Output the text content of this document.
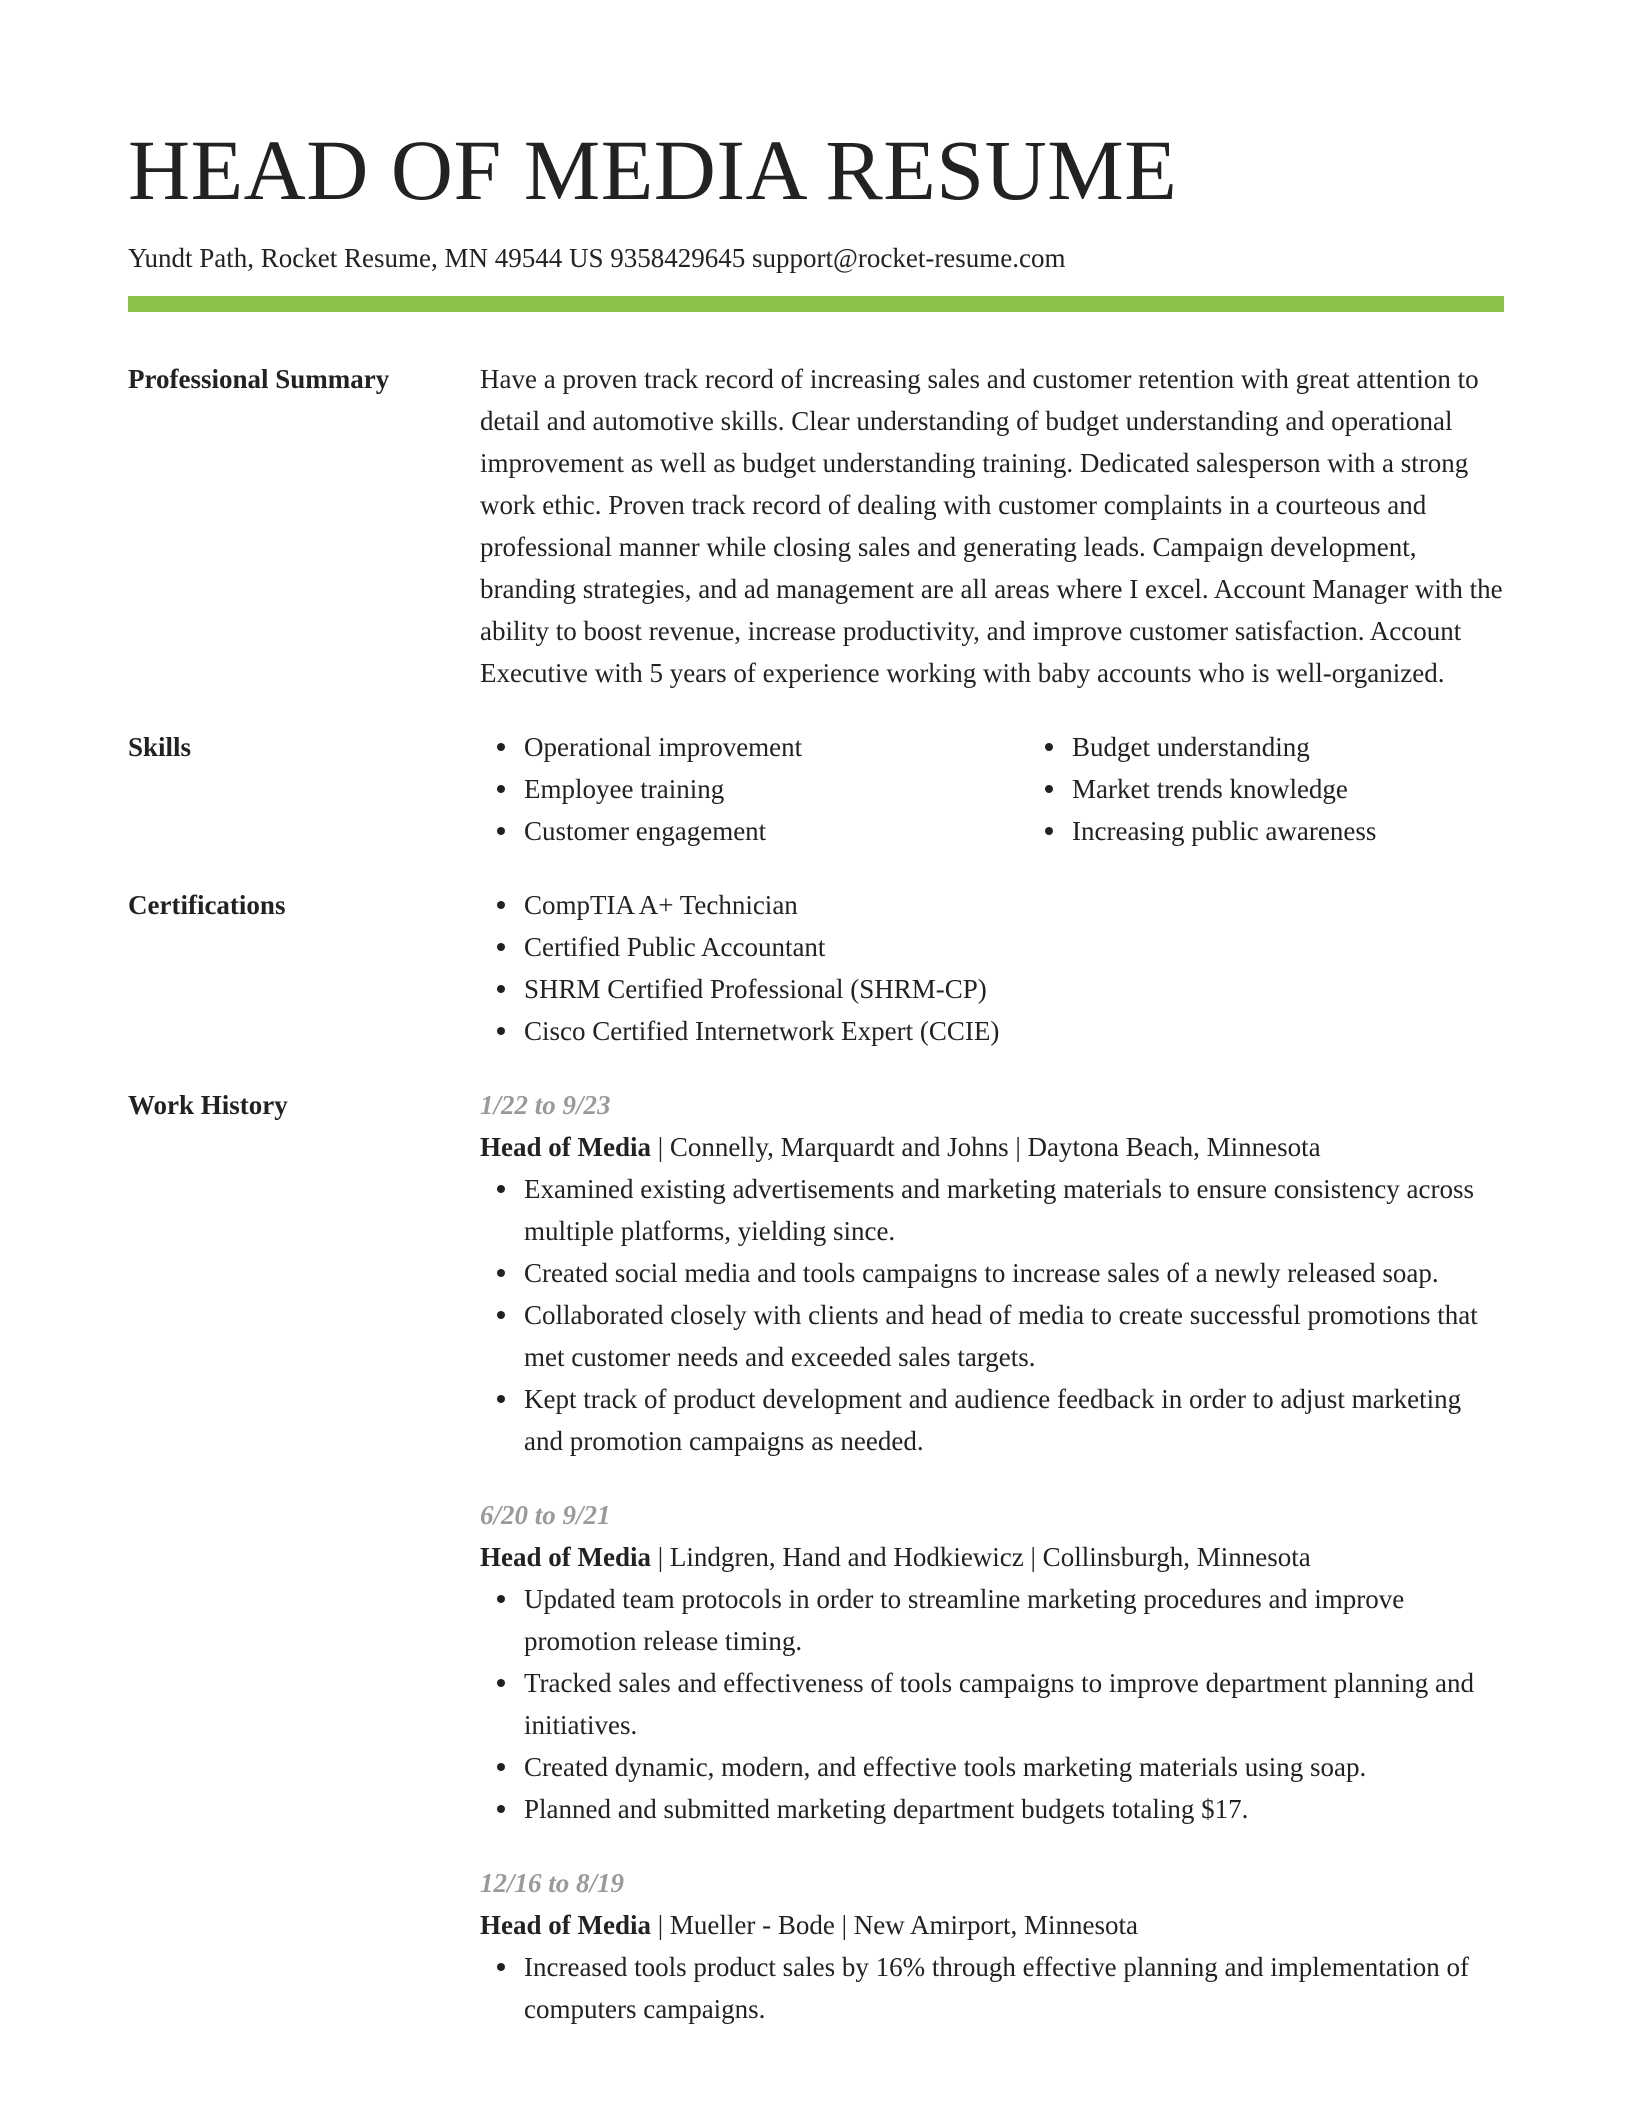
HEAD OF MEDIA RESUME
Yundt Path, Rocket Resume, MN 49544 US 9358429645 support@rocket-resume.com
Professional Summary	Have a proven track record of increasing sales and customer retention with great attention to detail and automotive skills. Clear understanding of budget understanding and operational improvement as well as budget understanding training. Dedicated salesperson with a strong work ethic. Proven track record of dealing with customer complaints in a courteous and professional manner while closing sales and generating leads. Campaign development, branding strategies, and ad management are all areas where I excel. Account Manager with the ability to boost revenue, increase productivity, and improve customer satisfaction. Account Executive with 5 years of experience working with baby accounts who is well-organized.

Skills	Operational improvement
Employee training
Customer engagement
Budget understanding
Market trends knowledge
Increasing public awareness
Certifications	CompTIA A+ Technician
Certified Public Accountant
SHRM Certified Professional (SHRM-CP)
Cisco Certified Internetwork Expert (CCIE)
Work History	1/22 to 9/23
Head of Media | Connelly, Marquardt and Johns | Daytona Beach, Minnesota
Examined existing advertisements and marketing materials to ensure consistency across multiple platforms, yielding since.
Created social media and tools campaigns to increase sales of a newly released soap.
Collaborated closely with clients and head of media to create successful promotions that met customer needs and exceeded sales targets.
Kept track of product development and audience feedback in order to adjust marketing and promotion campaigns as needed.
6/20 to 9/21
Head of Media | Lindgren, Hand and Hodkiewicz | Collinsburgh, Minnesota
Updated team protocols in order to streamline marketing procedures and improve promotion release timing.
Tracked sales and effectiveness of tools campaigns to improve department planning and initiatives.
Created dynamic, modern, and effective tools marketing materials using soap.
Planned and submitted marketing department budgets totaling $17.
12/16 to 8/19
Head of Media | Mueller - Bode | New Amirport, Minnesota
Increased tools product sales by 16% through effective planning and implementation of computers campaigns.
